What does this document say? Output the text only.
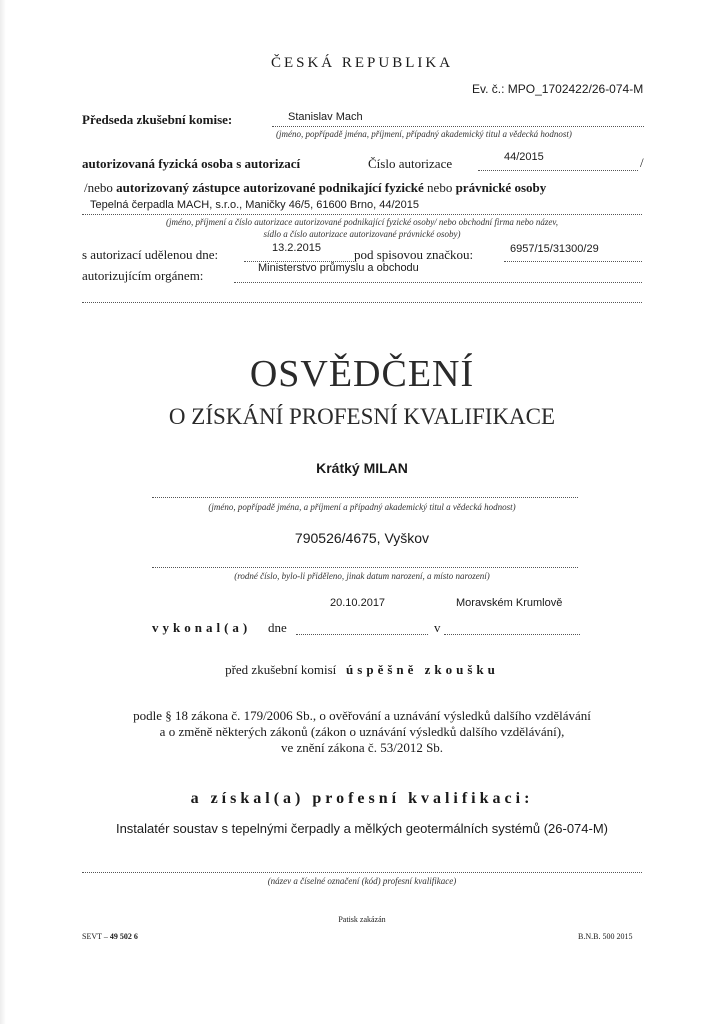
ČESKÁ REPUBLIKA
Ev. č.: MPO_1702422/26-074-M
Předseda zkušební komise:	Stanislav Mach
(jméno, popřípadě jména, příjmení, případný akademický titul a vědecká hodnost)
autorizovaná fyzická osoba s autorizací	Číslo autorizace	44/2015	/
/nebo autorizovaný zástupce autorizované podnikající fyzické nebo právnické osoby
Tepelná čerpadla MACH, s.r.o., Maničky 46/5, 61600 Brno, 44/2015
(jméno, příjmení a číslo autorizace autorizované podnikající fyzické osoby/ nebo obchodní firma nebo název,
sídlo a číslo autorizace autorizované právnické osoby)
s autorizací udělenou dne:	13.2.2015	pod spisovou značkou:	6957/15/31300/29
autorizujícím orgánem:	Ministerstvo průmyslu a obchodu
OSVĚDČENÍ
O ZÍSKÁNÍ PROFESNÍ KVALIFIKACE
Krátký MILAN
(jméno, popřípadě jména, a příjmení a případný akademický titul a vědecká hodnost)
790526/4675, Vyškov
(rodné číslo, bylo-li přiděleno, jinak datum narození, a místo narození)
20.10.2017	Moravském Krumlově
vykonal(a) dne	v
před zkušební komisí úspěšně zkoušku
podle § 18 zákona č. 179/2006 Sb., o ověřování a uznávání výsledků dalšího vzdělávání
a o změně některých zákonů (zákon o uznávání výsledků dalšího vzdělávání),
ve znění zákona č. 53/2012 Sb.
a získal(a) profesní kvalifikaci:
Instalatér soustav s tepelnými čerpadly a mělkých geotermálních systémů (26-074-M)
(název a číselné označení (kód) profesní kvalifikace)
Patisk zakázán
SEVT – 49 502 6	B.N.B. 500 2015
